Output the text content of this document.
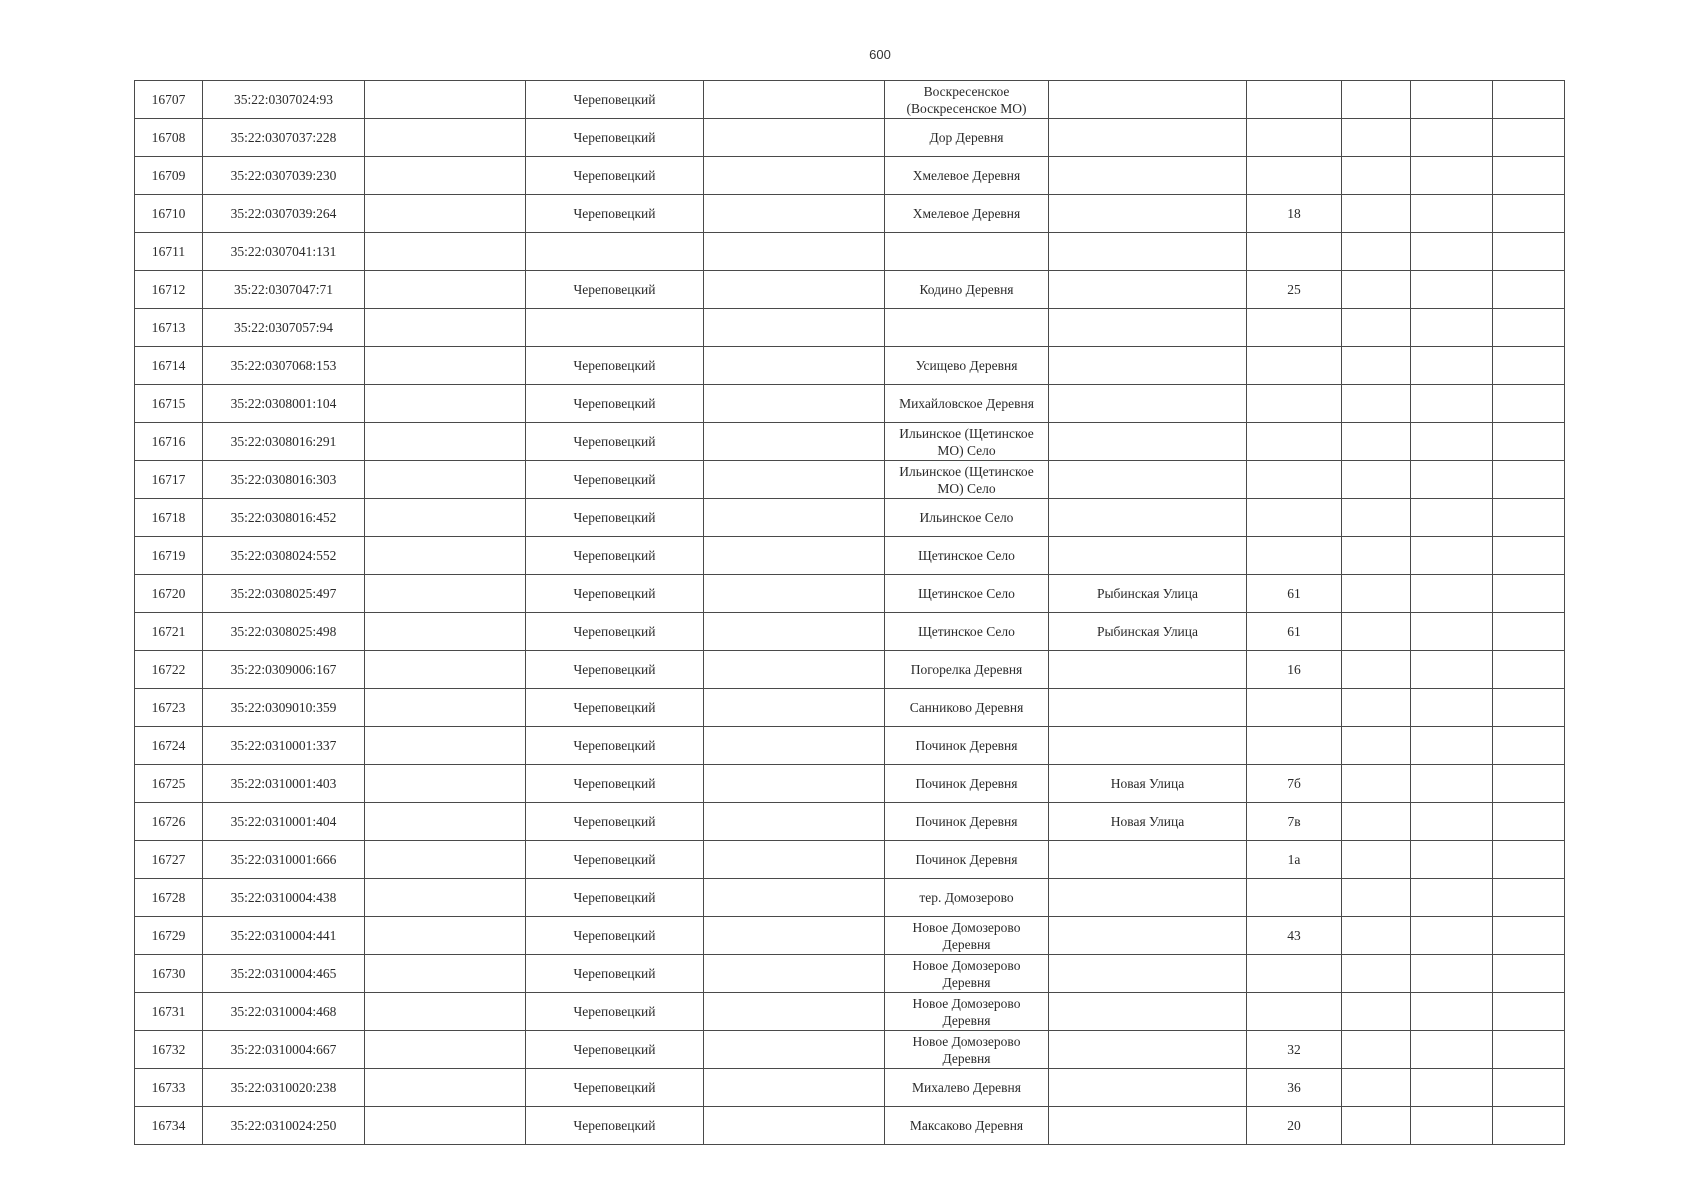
600
16707	35:22:0307024:93		Череповецкий		Воскресенское (Воскресенское МО)					
16708	35:22:0307037:228		Череповецкий		Дор Деревня					
16709	35:22:0307039:230		Череповецкий		Хмелевое Деревня					
16710	35:22:0307039:264		Череповецкий		Хмелевое Деревня		18			
16711	35:22:0307041:131									
16712	35:22:0307047:71		Череповецкий		Кодино Деревня		25			
16713	35:22:0307057:94									
16714	35:22:0307068:153		Череповецкий		Усищево Деревня					
16715	35:22:0308001:104		Череповецкий		Михайловское Деревня					
16716	35:22:0308016:291		Череповецкий		Ильинское (Щетинское МО) Село					
16717	35:22:0308016:303		Череповецкий		Ильинское (Щетинское МО) Село					
16718	35:22:0308016:452		Череповецкий		Ильинское Село					
16719	35:22:0308024:552		Череповецкий		Щетинское Село					
16720	35:22:0308025:497		Череповецкий		Щетинское Село	Рыбинская Улица	61			
16721	35:22:0308025:498		Череповецкий		Щетинское Село	Рыбинская Улица	61			
16722	35:22:0309006:167		Череповецкий		Погорелка Деревня		16			
16723	35:22:0309010:359		Череповецкий		Санниково Деревня					
16724	35:22:0310001:337		Череповецкий		Починок Деревня					
16725	35:22:0310001:403		Череповецкий		Починок Деревня	Новая Улица	7б			
16726	35:22:0310001:404		Череповецкий		Починок Деревня	Новая Улица	7в			
16727	35:22:0310001:666		Череповецкий		Починок Деревня		1а			
16728	35:22:0310004:438		Череповецкий		тер. Домозерово					
16729	35:22:0310004:441		Череповецкий		Новое Домозерово Деревня		43			
16730	35:22:0310004:465		Череповецкий		Новое Домозерово Деревня					
16731	35:22:0310004:468		Череповецкий		Новое Домозерово Деревня					
16732	35:22:0310004:667		Череповецкий		Новое Домозерово Деревня		32			
16733	35:22:0310020:238		Череповецкий		Михалево Деревня		36			
16734	35:22:0310024:250		Череповецкий		Максаково Деревня		20			
